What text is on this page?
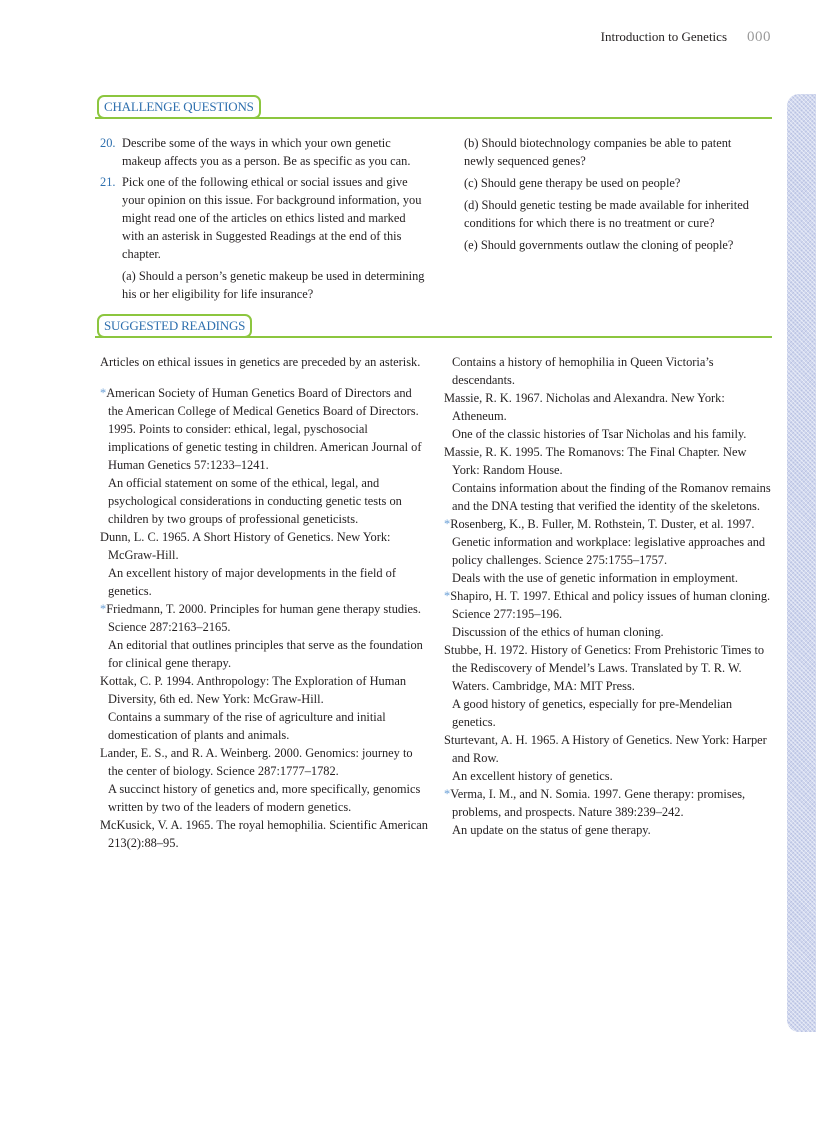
Introduction to Genetics 000
CHALLENGE QUESTIONS
20. Describe some of the ways in which your own genetic makeup affects you as a person. Be as specific as you can.

21. Pick one of the following ethical or social issues and give your opinion on this issue. For background information, you might read one of the articles on ethics listed and marked with an asterisk in Suggested Readings at the end of this chapter.

(a) Should a person’s genetic makeup be used in determining his or her eligibility for life insurance?

(b) Should biotechnology companies be able to patent newly sequenced genes?

(c) Should gene therapy be used on people?

(d) Should genetic testing be made available for inherited conditions for which there is no treatment or cure?

(e) Should governments outlaw the cloning of people?

SUGGESTED READINGS

Articles on ethical issues in genetics are preceded by an asterisk.

*American Society of Human Genetics Board of Directors and the American College of Medical Genetics Board of Directors. 1995. Points to consider: ethical, legal, pyschosocial implications of genetic testing in children. American Journal of Human Genetics 57:1233–1241.

An official statement on some of the ethical, legal, and psychological considerations in conducting genetic tests on children by two groups of professional geneticists.

Dunn, L. C. 1965. A Short History of Genetics. New York: McGraw-Hill.

An excellent history of major developments in the field of genetics.

*Friedmann, T. 2000. Principles for human gene therapy studies. Science 287:2163–2165.

An editorial that outlines principles that serve as the foundation for clinical gene therapy.

Kottak, C. P. 1994. Anthropology: The Exploration of Human Diversity, 6th ed. New York: McGraw-Hill.

Contains a summary of the rise of agriculture and initial domestication of plants and animals.

Lander, E. S., and R. A. Weinberg. 2000. Genomics: journey to the center of biology. Science 287:1777–1782.

A succinct history of genetics and, more specifically, genomics written by two of the leaders of modern genetics.

McKusick, V. A. 1965. The royal hemophilia. Scientific American 213(2):88–95.

Contains a history of hemophilia in Queen Victoria’s descendants.

Massie, R. K. 1967. Nicholas and Alexandra. New York: Atheneum.

One of the classic histories of Tsar Nicholas and his family.

Massie, R. K. 1995. The Romanovs: The Final Chapter. New York: Random House.

Contains information about the finding of the Romanov remains and the DNA testing that verified the identity of the skeletons.

*Rosenberg, K., B. Fuller, M. Rothstein, T. Duster, et al. 1997. Genetic information and workplace: legislative approaches and policy challenges. Science 275:1755–1757.

Deals with the use of genetic information in employment.

*Shapiro, H. T. 1997. Ethical and policy issues of human cloning. Science 277:195–196.

Discussion of the ethics of human cloning.

Stubbe, H. 1972. History of Genetics: From Prehistoric Times to the Rediscovery of Mendel’s Laws. Translated by T. R. W. Waters. Cambridge, MA: MIT Press.

A good history of genetics, especially for pre-Mendelian genetics.

Sturtevant, A. H. 1965. A History of Genetics. New York: Harper and Row.

An excellent history of genetics.

*Verma, I. M., and N. Somia. 1997. Gene therapy: promises, problems, and prospects. Nature 389:239–242.

An update on the status of gene therapy.
